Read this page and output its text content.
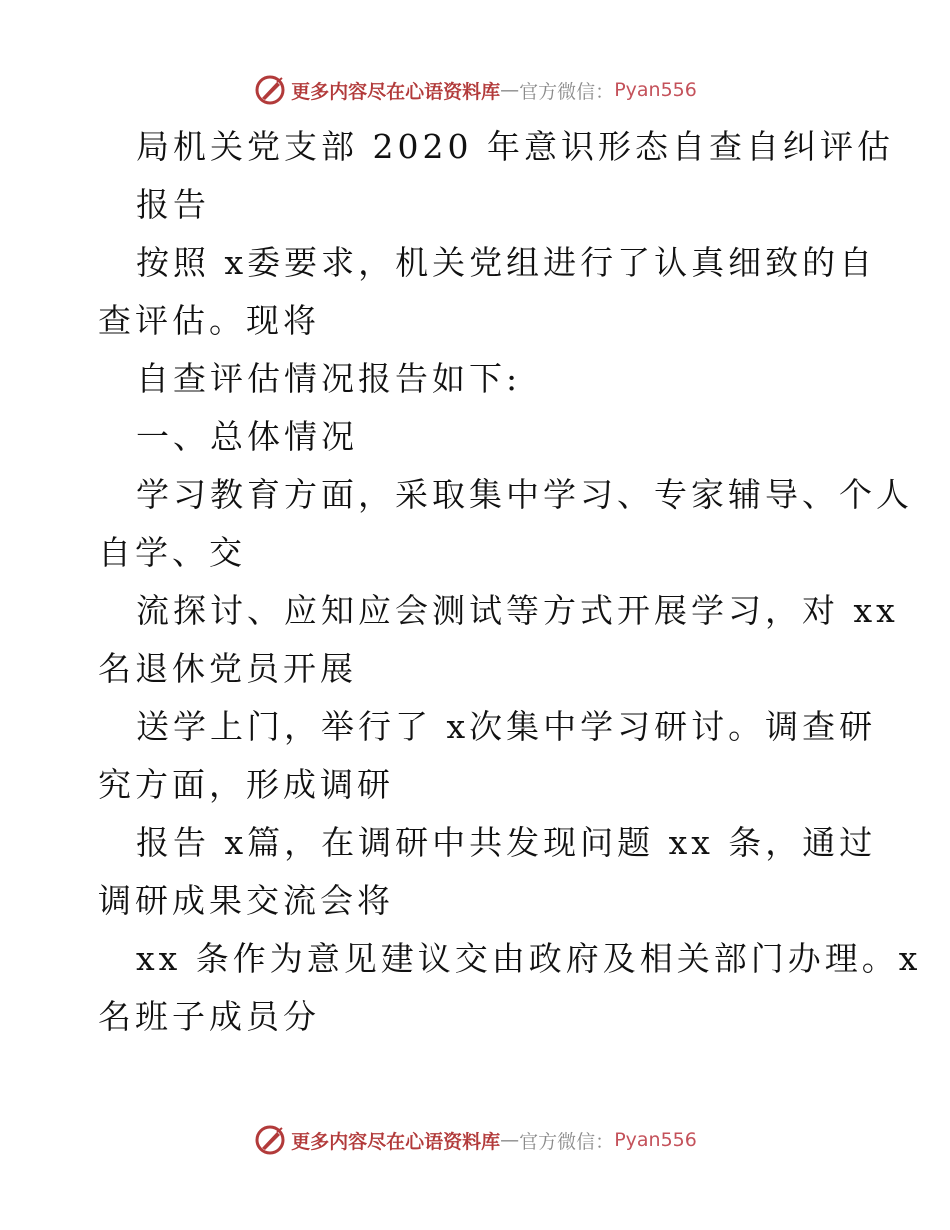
更多内容尽在心语资料库 — 官方微信： Pyan556
局机关党支部 2020 年意识形态自查自纠评估
报告
按照 x委要求，机关党组进行了认真细致的自
查评估。现将
自查评估情况报告如下:
一、总体情况
学习教育方面，采取集中学习、专家辅导、个人
自学、交
流探讨、应知应会测试等方式开展学习，对 xx
名退休党员开展
送学上门，举行了 x次集中学习研讨。调查研
究方面，形成调研
报告 x篇，在调研中共发现问题 xx 条，通过
调研成果交流会将
xx 条作为意见建议交由政府及相关部门办理。x
名班子成员分
更多内容尽在心语资料库 — 官方微信： Pyan556
